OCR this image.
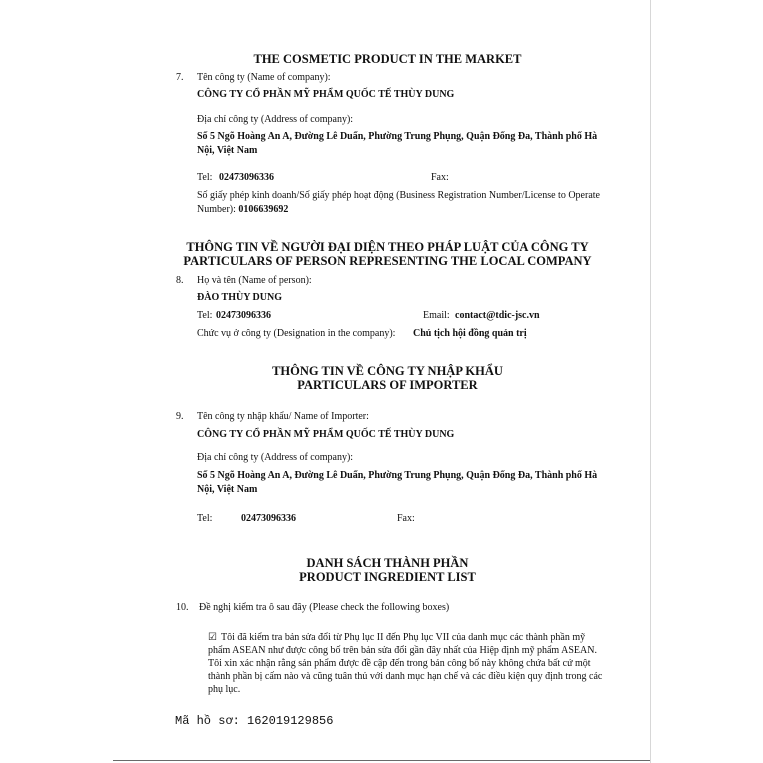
THE COSMETIC PRODUCT IN THE MARKET
7. Tên công ty (Name of company):
CÔNG TY CỔ PHẦN MỸ PHẨM QUỐC TẾ THÙY DUNG
Địa chỉ công ty (Address of company):
Số 5 Ngõ Hoàng An A, Đường Lê Duẩn, Phường Trung Phụng, Quận Đống Đa, Thành phố Hà Nội, Việt Nam
Tel: 02473096336	Fax:
Số giấy phép kinh doanh/Số giấy phép hoạt động (Business Registration Number/License to Operate Number): 0106639692
THÔNG TIN VỀ NGƯỜI ĐẠI DIỆN THEO PHÁP LUẬT CỦA CÔNG TY
PARTICULARS OF PERSON REPRESENTING THE LOCAL COMPANY
8. Họ và tên (Name of person):
ĐÀO THÙY DUNG
Tel: 02473096336	Email: contact@tdic-jsc.vn
Chức vụ ở công ty (Designation in the company): Chủ tịch hội đồng quản trị
THÔNG TIN VỀ CÔNG TY NHẬP KHẨU
PARTICULARS OF IMPORTER
9. Tên công ty nhập khẩu/ Name of Importer:
CÔNG TY CỔ PHẦN MỸ PHẨM QUỐC TẾ THÙY DUNG
Địa chỉ công ty (Address of company):
Số 5 Ngõ Hoàng An A, Đường Lê Duẩn, Phường Trung Phụng, Quận Đống Đa, Thành phố Hà Nội, Việt Nam
Tel:	02473096336	Fax:
DANH SÁCH THÀNH PHẦN
PRODUCT INGREDIENT LIST
10. Đề nghị kiểm tra ô sau đây (Please check the following boxes)
☑ Tôi đã kiểm tra bản sửa đổi từ Phụ lục II đến Phụ lục VII của danh mục các thành phần mỹ phẩm ASEAN như được công bố trên bản sửa đổi gần đây nhất của Hiệp định mỹ phẩm ASEAN. Tôi xin xác nhận rằng sản phẩm được đề cập đến trong bản công bố này không chứa bất cứ một thành phần bị cấm nào và cũng tuân thủ với danh mục hạn chế và các điều kiện quy định trong các phụ lục.
Mã hồ sơ: 162019129856
